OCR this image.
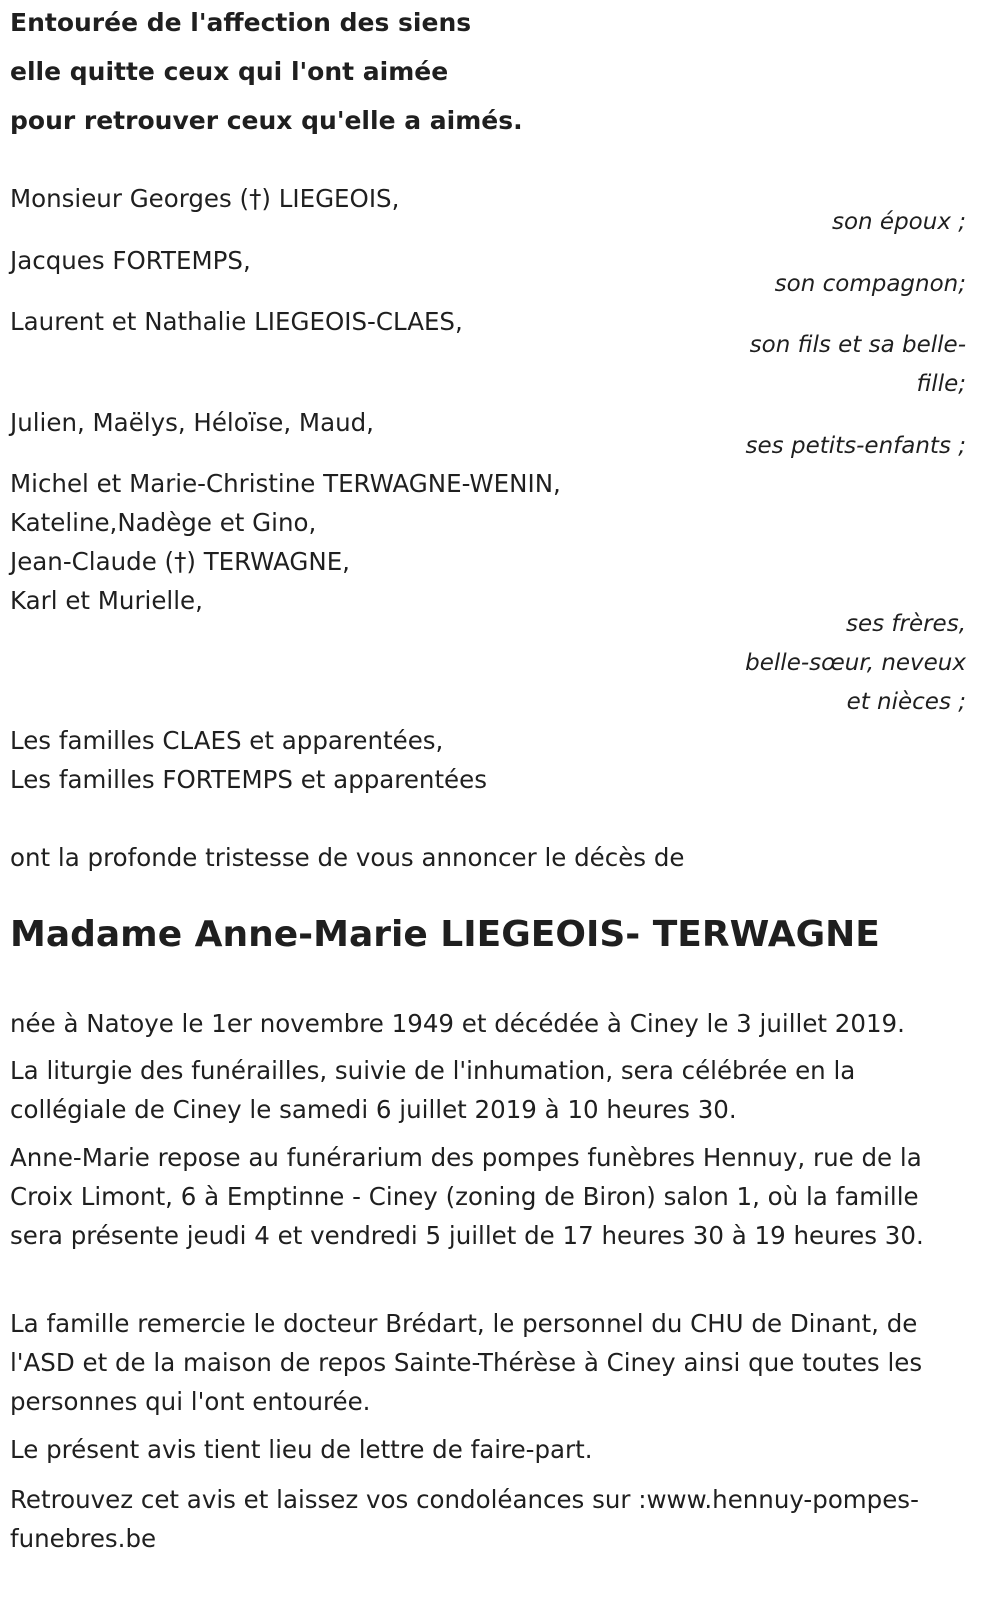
Entourée de l'affection des siens
elle quitte ceux qui l'ont aimée
pour retrouver ceux qu'elle a aimés.
Monsieur Georges (†) LIEGEOIS,
son époux ;
Jacques FORTEMPS,
son compagnon;
Laurent et Nathalie LIEGEOIS-CLAES,
son fils et sa belle-
fille;
Julien, Maëlys, Héloïse, Maud,
ses petits-enfants ;
Michel et Marie-Christine TERWAGNE-WENIN,
Kateline,Nadège et Gino,
Jean-Claude (†) TERWAGNE,
Karl et Murielle,
ses frères,
belle-sœur, neveux
et nièces ;
Les familles CLAES et apparentées,
Les familles FORTEMPS et apparentées
ont la profonde tristesse de vous annoncer le décès de
Madame Anne-Marie LIEGEOIS- TERWAGNE
née à Natoye le 1er novembre 1949 et décédée à Ciney le 3 juillet 2019.
La liturgie des funérailles, suivie de l'inhumation, sera célébrée en la collégiale de Ciney le samedi 6 juillet 2019 à 10 heures 30.
Anne-Marie repose au funérarium des pompes funèbres Hennuy, rue de la Croix Limont, 6 à Emptinne - Ciney (zoning de Biron) salon 1, où la famille sera présente jeudi 4 et vendredi 5 juillet de 17 heures 30 à 19 heures 30.
La famille remercie le docteur Brédart, le personnel du CHU de Dinant, de l'ASD et de la maison de repos Sainte-Thérèse à Ciney ainsi que toutes les personnes qui l'ont entourée.
Le présent avis tient lieu de lettre de faire-part.
Retrouvez cet avis et laissez vos condoléances sur :www.hennuy-pompes-funebres.be
